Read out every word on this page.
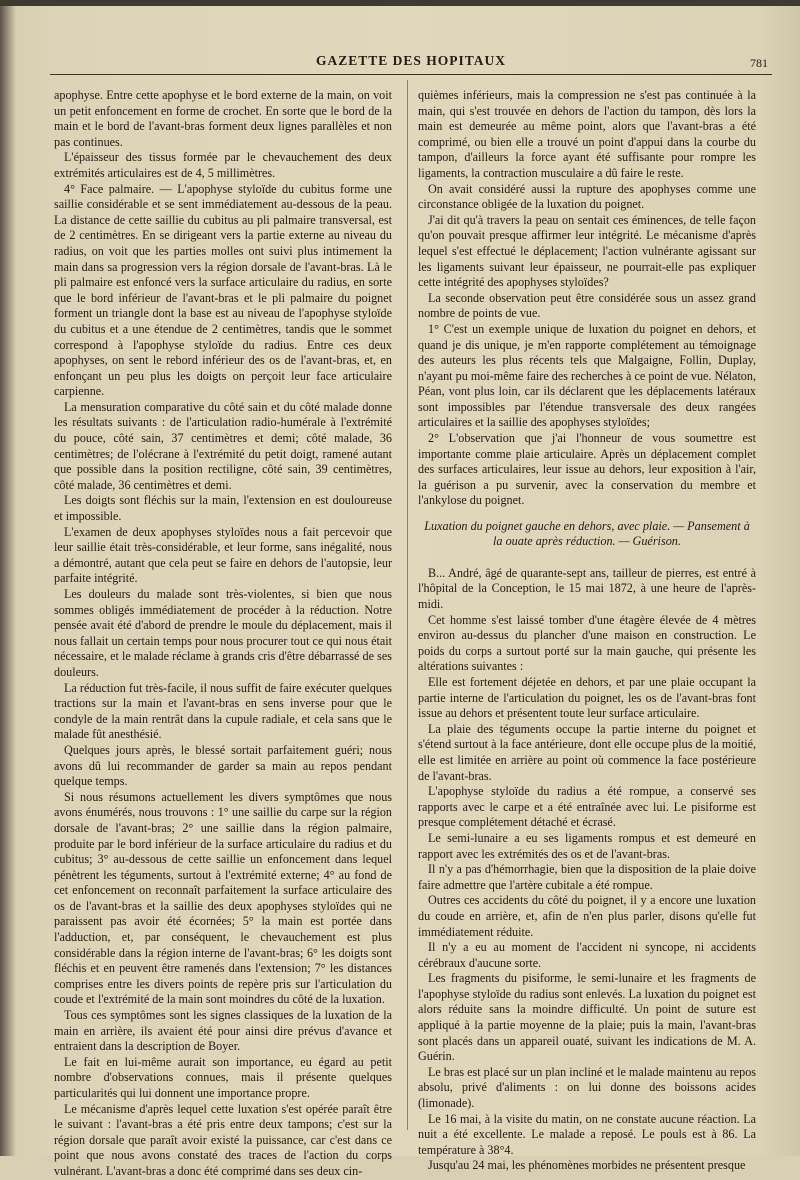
GAZETTE DES HOPITAUX	781

apophyse. Entre cette apophyse et le bord externe de la main, on voit un petit enfoncement en forme de crochet. En sorte que le bord de la main et le bord de l'avant-bras forment deux lignes parallèles et non pas continues.

L'épaisseur des tissus formée par le chevauchement des deux extrémités articulaires est de 4, 5 millimètres.

4° Face palmaire. — L'apophyse styloïde du cubitus forme une saillie considérable et se sent immédiatement au-dessous de la peau. La distance de cette saillie du cubitus au pli palmaire transversal, est de 2 centimètres. En se dirigeant vers la partie externe au niveau du radius, on voit que les parties molles ont suivi plus intimement la main dans sa progression vers la région dorsale de l'avant-bras. Là le pli palmaire est enfoncé vers la surface articulaire du radius, en sorte que le bord inférieur de l'avant-bras et le pli palmaire du poignet forment un triangle dont la base est au niveau de l'apophyse styloïde du cubitus et a une étendue de 2 centimètres, tandis que le sommet correspond à l'apophyse styloïde du radius. Entre ces deux apophyses, on sent le rebord inférieur des os de l'avant-bras, et, en enfonçant un peu plus les doigts on perçoit leur face articulaire carpienne.

La mensuration comparative du côté sain et du côté malade donne les résultats suivants : de l'articulation radio-humérale à l'extrémité du pouce, côté sain, 37 centimètres et demi; côté malade, 36 centimètres; de l'olécrane à l'extrémité du petit doigt, ramené autant que possible dans la position rectiligne, côté sain, 39 centimètres, côté malade, 36 centimètres et demi.

Les doigts sont fléchis sur la main, l'extension en est douloureuse et impossible.

L'examen de deux apophyses styloïdes nous a fait percevoir que leur saillie était très-considérable, et leur forme, sans inégalité, nous a démontré, autant que cela peut se faire en dehors de l'autopsie, leur parfaite intégrité.

Les douleurs du malade sont très-violentes, si bien que nous sommes obligés immédiatement de procéder à la réduction. Notre pensée avait été d'abord de prendre le moule du déplacement, mais il nous fallait un certain temps pour nous procurer tout ce qui nous était nécessaire, et le malade réclame à grands cris d'être débarrassé de ses douleurs.

La réduction fut très-facile, il nous suffit de faire exécuter quelques tractions sur la main et l'avant-bras en sens inverse pour que le condyle de la main rentrât dans la cupule radiale, et cela sans que le malade fût anesthésié.

Quelques jours après, le blessé sortait parfaitement guéri; nous avons dû lui recommander de garder sa main au repos pendant quelque temps.

Si nous résumons actuellement les divers symptômes que nous avons énumérés, nous trouvons : 1° une saillie du carpe sur la région dorsale de l'avant-bras; 2° une saillie dans la région palmaire, produite par le bord inférieur de la surface articulaire du radius et du cubitus; 3° au-dessous de cette saillie un enfoncement dans lequel pénètrent les téguments, surtout à l'extrémité externe; 4° au fond de cet enfoncement on reconnaît parfaitement la surface articulaire des os de l'avant-bras et la saillie des deux apophyses styloïdes qui ne paraissent pas avoir été écornées; 5° la main est portée dans l'adduction, et, par conséquent, le chevauchement est plus considérable dans la région interne de l'avant-bras; 6° les doigts sont fléchis et en peuvent être ramenés dans l'extension; 7° les distances comprises entre les divers points de repère pris sur l'articulation du coude et l'extrémité de la main sont moindres du côté de la luxation.

Tous ces symptômes sont les signes classiques de la luxation de la main en arrière, ils avaient été pour ainsi dire prévus d'avance et entraient dans la description de Boyer.

Le fait en lui-même aurait son importance, eu égard au petit nombre d'observations connues, mais il présente quelques particularités qui lui donnent une importance propre.

Le mécanisme d'après lequel cette luxation s'est opérée paraît être le suivant : l'avant-bras a été pris entre deux tampons; c'est sur la région dorsale que paraît avoir existé la puissance, car c'est dans ce point que nous avons constaté des traces de l'action du corps vulnérant. L'avant-bras a donc été comprimé dans ses deux cin-

quièmes inférieurs, mais la compression ne s'est pas continuée à la main, qui s'est trouvée en dehors de l'action du tampon, dès lors la main est demeurée au même point, alors que l'avant-bras a été comprimé, ou bien elle a trouvé un point d'appui dans la courbe du tampon, d'ailleurs la force ayant été suffisante pour rompre les ligaments, la contraction musculaire a dû faire le reste.

On avait considéré aussi la rupture des apophyses comme une circonstance obligée de la luxation du poignet.

J'ai dit qu'à travers la peau on sentait ces éminences, de telle façon qu'on pouvait presque affirmer leur intégrité. Le mécanisme d'après lequel s'est effectué le déplacement; l'action vulnérante agissant sur les ligaments suivant leur épaisseur, ne pourrait-elle pas expliquer cette intégrité des apophyses styloïdes?

La seconde observation peut être considérée sous un assez grand nombre de points de vue.

1° C'est un exemple unique de luxation du poignet en dehors, et quand je dis unique, je m'en rapporte complétement au témoignage des auteurs les plus récents tels que Malgaigne, Follin, Duplay, n'ayant pu moi-même faire des recherches à ce point de vue. Nélaton, Péan, vont plus loin, car ils déclarent que les déplacements latéraux sont impossibles par l'étendue transversale des deux rangées articulaires et la saillie des apophyses styloïdes;

2° L'observation que j'ai l'honneur de vous soumettre est importante comme plaie articulaire. Après un déplacement complet des surfaces articulaires, leur issue au dehors, leur exposition à l'air, la guérison a pu survenir, avec la conservation du membre et l'ankylose du poignet.

Luxation du poignet gauche en dehors, avec plaie. — Pansement à la ouate après réduction. — Guérison.

B... André, âgé de quarante-sept ans, tailleur de pierres, est entré à l'hôpital de la Conception, le 15 mai 1872, à une heure de l'après-midi.

Cet homme s'est laissé tomber d'une étagère élevée de 4 mètres environ au-dessus du plancher d'une maison en construction. Le poids du corps a surtout porté sur la main gauche, qui présente les altérations suivantes :

Elle est fortement déjetée en dehors, et par une plaie occupant la partie interne de l'articulation du poignet, les os de l'avant-bras font issue au dehors et présentent toute leur surface articulaire.

La plaie des téguments occupe la partie interne du poignet et s'étend surtout à la face antérieure, dont elle occupe plus de la moitié, elle est limitée en arrière au point où commence la face postérieure de l'avant-bras.

L'apophyse styloïde du radius a été rompue, a conservé ses rapports avec le carpe et a été entraînée avec lui. Le pisiforme est presque complétement détaché et écrasé.

Le semi-lunaire a eu ses ligaments rompus et est demeuré en rapport avec les extrémités des os et de l'avant-bras.

Il n'y a pas d'hémorrhagie, bien que la disposition de la plaie doive faire admettre que l'artère cubitale a été rompue.

Outres ces accidents du côté du poignet, il y a encore une luxation du coude en arrière, et, afin de n'en plus parler, disons qu'elle fut immédiatement réduite.

Il n'y a eu au moment de l'accident ni syncope, ni accidents cérébraux d'aucune sorte.

Les fragments du pisiforme, le semi-lunaire et les fragments de l'apophyse styloïde du radius sont enlevés. La luxation du poignet est alors réduite sans la moindre difficulté. Un point de suture est appliqué à la partie moyenne de la plaie; puis la main, l'avant-bras sont placés dans un appareil ouaté, suivant les indications de M. A. Guérin.

Le bras est placé sur un plan incliné et le malade maintenu au repos absolu, privé d'aliments : on lui donne des boissons acides (limonade).

Le 16 mai, à la visite du matin, on ne constate aucune réaction. La nuit a été excellente. Le malade a reposé. Le pouls est à 86. La température à 38°4.

Jusqu'au 24 mai, les phénomènes morbides ne présentent presque
